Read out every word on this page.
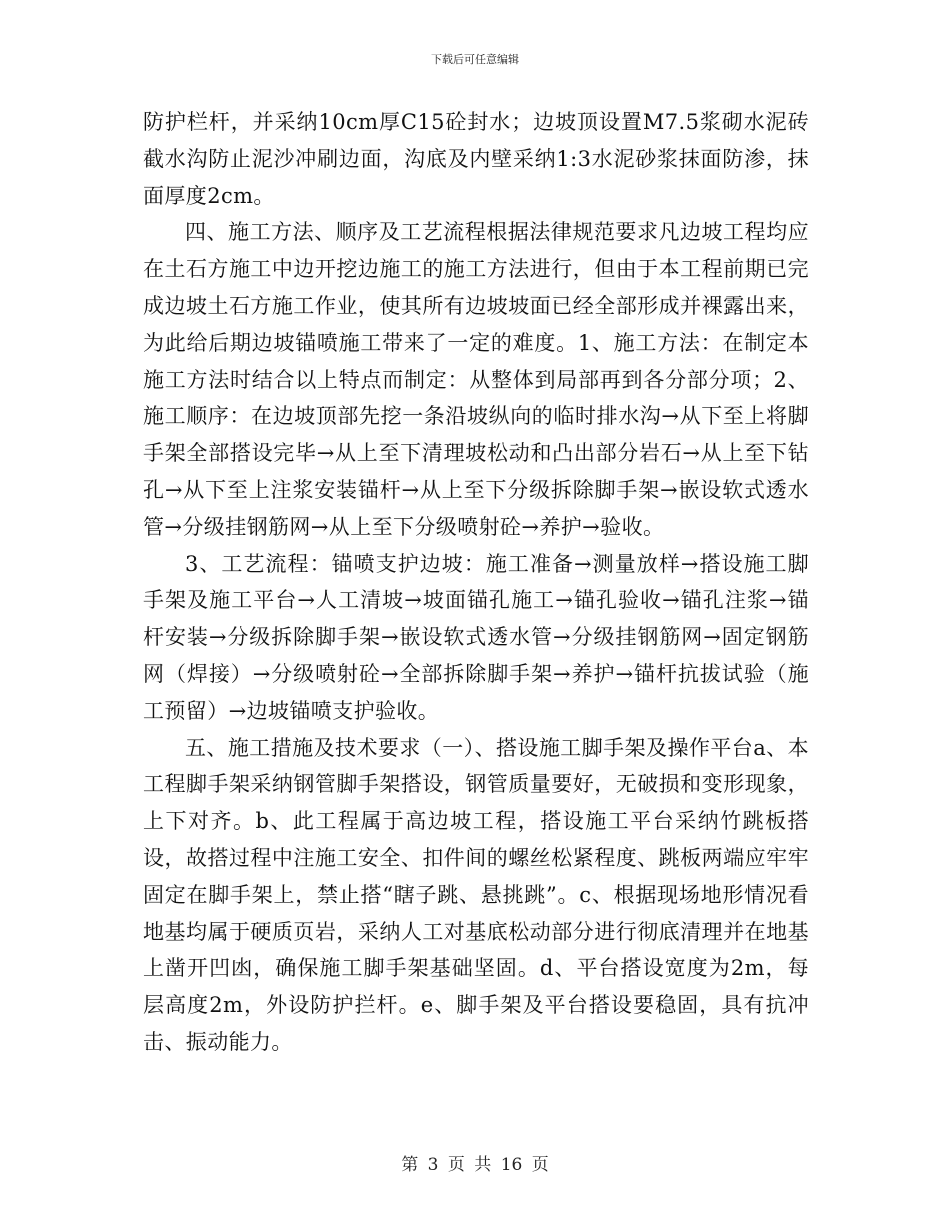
下载后可任意编辑

防护栏杆，并采纳10cm厚C15砼封水；边坡顶设置M7.5浆砌水泥砖截水沟防止泥沙冲刷边面，沟底及内壁采纳1:3水泥砂浆抹面防渗，抹面厚度2cm。

四、施工方法、顺序及工艺流程根据法律规范要求凡边坡工程均应在土石方施工中边开挖边施工的施工方法进行，但由于本工程前期已完成边坡土石方施工作业，使其所有边坡坡面已经全部形成并裸露出来，为此给后期边坡锚喷施工带来了一定的难度。1、施工方法：在制定本施工方法时结合以上特点而制定：从整体到局部再到各分部分项；2、施工顺序：在边坡顶部先挖一条沿坡纵向的临时排水沟→从下至上将脚手架全部搭设完毕→从上至下清理坡松动和凸出部分岩石→从上至下钻孔→从下至上注浆安装锚杆→从上至下分级拆除脚手架→嵌设软式透水管→分级挂钢筋网→从上至下分级喷射砼→养护→验收。

3、工艺流程：锚喷支护边坡：施工准备→测量放样→搭设施工脚手架及施工平台→人工清坡→坡面锚孔施工→锚孔验收→锚孔注浆→锚杆安装→分级拆除脚手架→嵌设软式透水管→分级挂钢筋网→固定钢筋网（焊接）→分级喷射砼→全部拆除脚手架→养护→锚杆抗拔试验（施工预留）→边坡锚喷支护验收。

五、施工措施及技术要求（一）、搭设施工脚手架及操作平台a、本工程脚手架采纳钢管脚手架搭设，钢管质量要好，无破损和变形现象，上下对齐。b、此工程属于高边坡工程，搭设施工平台采纳竹跳板搭设，故搭过程中注施工安全、扣件间的螺丝松紧程度、跳板两端应牢牢固定在脚手架上，禁止搭“瞎子跳、悬挑跳”。c、根据现场地形情况看地基均属于硬质页岩，采纳人工对基底松动部分进行彻底清理并在地基上凿开凹凼，确保施工脚手架基础坚固。d、平台搭设宽度为2m，每层高度2m，外设防护拦杆。e、脚手架及平台搭设要稳固，具有抗冲击、振动能力。

第 3 页 共 16 页
